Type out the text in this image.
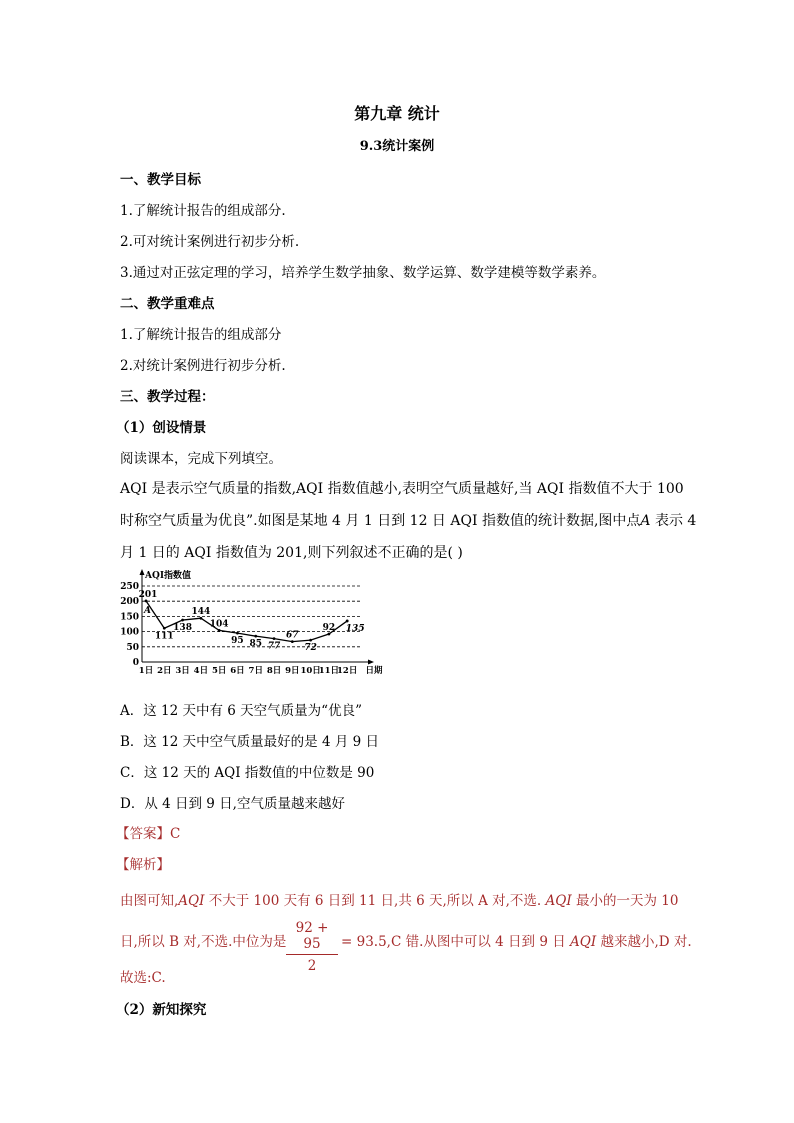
第九章 统计
9.3统计案例
一、教学目标
1.了解统计报告的组成部分.
2.可对统计案例进行初步分析.
3.通过对正弦定理的学习，培养学生数学抽象、数学运算、数学建模等数学素养。
二、教学重难点
1.了解统计报告的组成部分
2.对统计案例进行初步分析.
三、教学过程：
（1）创设情景
阅读课本，完成下列填空。
AQI 是表示空气质量的指数,AQI 指数值越小,表明空气质量越好,当 AQI 指数值不大于 100
时称空气质量为优良”.如图是某地 4 月 1 日到 12 日 AQI 指数值的统计数据,图中点A 表示 4
月 1 日的 AQI 指数值为 201,则下列叙述不正确的是( )
AQI指数值
0
50
100
150
200
250
1日 2日 3日 4日 5日 6日 7日 8日 9日 10日
11日
12日 日期
201
111
138
144
104
95 85 77
67
72
92 135
A
A．这 12 天中有 6 天空气质量为“优良”
B．这 12 天中空气质量最好的是 4 月 9 日
C．这 12 天的 AQI 指数值的中位数是 90
D．从 4 日到 9 日,空气质量越来越好
【答案】C
【解析】
由图可知,AQI 不大于 100 天有 6 日到 11 日,共 6 天,所以 A 对,不选. AQI 最小的一天为 10
日,所以 B 对,不选.中位为是 $\frac{92 + 95}{2} = 93.5,C$ 错.从图中可以 4 日到 9 日 AQI 越来越小,D 对.
故选:C.
（2）新知探究
